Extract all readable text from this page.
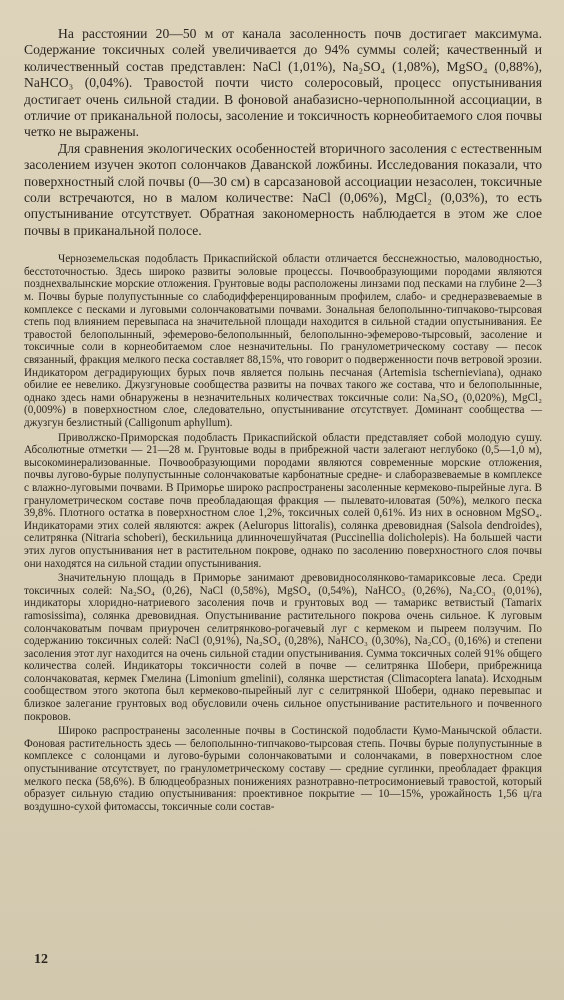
На расстоянии 20—50 м от канала засоленность почв достигает максимума. Содержание токсичных солей увеличивается до 94% суммы солей; качественный и количественный состав представлен: NaCl (1,01%), Na₂SO₄ (1,08%), MgSO₄ (0,88%), NaHCO₃ (0,04%). Травостой почти чисто солеросовый, процесс опустынивания достигает очень сильной стадии. В фоновой анабазисно-чернополынной ассоциации, в отличие от приканальной полосы, засоление и токсичность корнеобитаемого слоя почвы четко не выражены.

Для сравнения экологических особенностей вторичного засоления с естественным засолением изучен экотоп солончаков Даванской ложбины. Исследования показали, что поверхностный слой почвы (0—30 см) в сарсазановой ассоциации незасолен, токсичные соли встречаются, но в малом количестве: NaCl (0,06%), MgCl₂ (0,03%), то есть опустынивание отсутствует. Обратная закономерность наблюдается в этом же слое почвы в приканальной полосе.

Черноземельская подобласть Прикаспийской области отличается бесснежностью, маловодностью, бесстоточностью. Здесь широко развиты эоловые процессы. Почвообразующими породами являются позднехвалынские морские отложения. Грунтовые воды расположены линзами под песками на глубине 2—3 м. Почвы бурые полупустынные со слабодифференцированным профилем, слабо- и среднеразвеваемые в комплексе с песками и луговыми солончаковатыми почвами. Зональная белополынно-типчаково-тырсовая степь под влиянием перевыпаса на значительной площади находится в сильной стадии опустынивания. Ее травостой белополынный, эфемерово-белополынный, белополынно-эфемерово-тырсовый, засоление и токсичные соли в корнеобитаемом слое незначительны. По гранулометрическому составу — песок связанный, фракция мелкого песка составляет 88,15%, что говорит о подверженности почв ветровой эрозии. Индикатором деградирующих бурых почв является полынь песчаная (Artemisia tschernieviana), однако обилие ее невелико. Джузгуновые сообщества развиты на почвах такого же состава, что и белополынные, однако здесь нами обнаружены в незначительных количествах токсичные соли: Na₂SO₄ (0,020%), MgCl₂ (0,009%) в поверхностном слое, следовательно, опустынивание отсутствует. Доминант сообщества — джузгун безлистный (Calligonum aphyllum).

Приволжско-Приморская подобласть Прикаспийской области представляет собой молодую сушу. Абсолютные отметки — 21—28 м. Грунтовые воды в прибрежной части залегают неглубоко (0,5—1,0 м), высокоминерализованные. Почвообразующими породами являются современные морские отложения, почвы лугово-бурые полупустынные солончаковатые карбонатные средне- и слаборазвеваемые в комплексе с влажно-луговыми почвами. В Приморье широко распространены засоленные кермеково-пырейные луга. В гранулометрическом составе почв преобладающая фракция — пылевато-иловатая (50%), мелкого песка 39,8%. Плотного остатка в поверхностном слое 1,2%, токсичных солей 0,61%. Из них в основном MgSO₄. Индикаторами этих солей являются: ажрек (Aeluropus littoralis), солянка древовидная (Salsola dendroides), селитрянка (Nitraria schoberi), бескильница длинночешуйчатая (Puccinellia dolicholepis). На большей части этих лугов опустынивания нет в растительном покрове, однако по засолению поверхностного слоя почвы они находятся на сильной стадии опустынивания.

Значительную площадь в Приморье занимают древовидносолянково-тамариксовые леса. Среди токсичных солей: Na₂SO₄ (0,26), NaCl (0,58%), MgSO₄ (0,54%), NaHCO₃ (0,26%), Na₂CO₃ (0,01%), индикаторы хлоридно-натриевого засоления почв и грунтовых вод — тамарикс ветвистый (Tamarix ramosissima), солянка древовидная. Опустынивание растительного покрова очень сильное. К луговым солончаковатым почвам приурочен селитрянково-рогачевый луг с кермеком и пыреем ползучим. По содержанию токсичных солей: NaCl (0,91%), Na₂SO₄ (0,28%), NaHCO₃ (0,30%), Na₂CO₃ (0,16%) и степени засоления этот луг находится на очень сильной стадии опустынивания. Сумма токсичных солей 91% общего количества солей. Индикаторы токсичности солей в почве — селитрянка Шобери, прибрежница солончаковатая, кермек Гмелина (Limonium gmelinii), солянка шерстистая (Climacoptera lanata). Исходным сообществом этого экотопа был кермеково-пырейный луг с селитрянкой Шобери, однако перевыпас и близкое залегание грунтовых вод обусловили очень сильное опустынивание растительного и почвенного покровов.

Широко распространены засоленные почвы в Состинской подобласти Кумо-Манычской области. Фоновая растительность здесь — белополынно-типчаково-тырсовая степь. Почвы бурые полупустынные в комплексе с солонцами и лугово-бурыми солончаковатыми и солончаками, в поверхностном слое опустынивание отсутствует, по гранулометрическому составу — средние суглинки, преобладает фракция мелкого песка (58,6%). В блюдцеобразных понижениях разнотравно-петросимониевый травостой, который образует сильную стадию опустынивания: проективное покрытие — 10—15%, урожайность 1,56 ц/га воздушно-сухой фитомассы, токсичные соли состав-

12
